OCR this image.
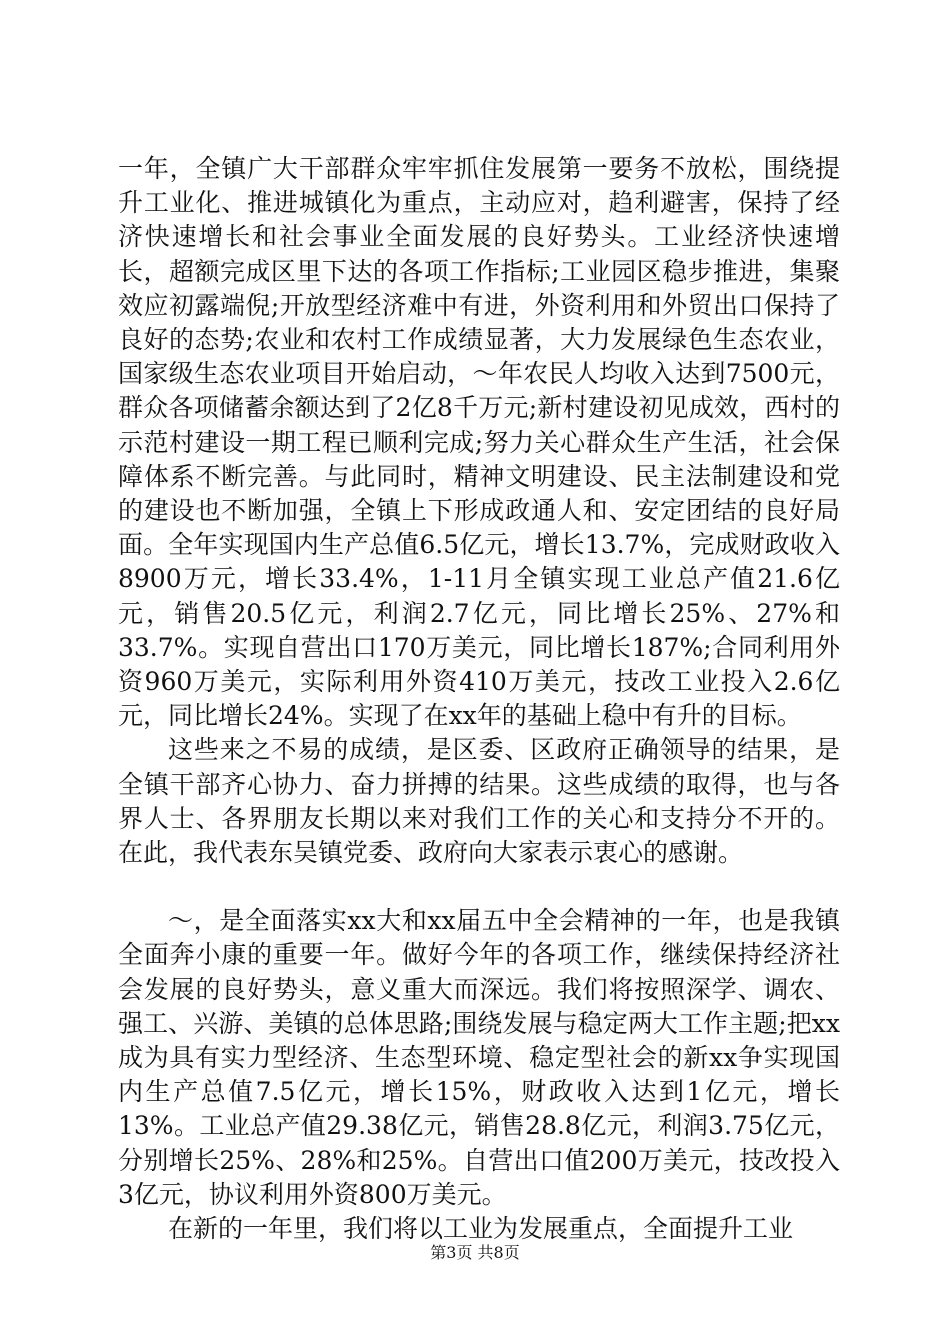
一年，全镇广大干部群众牢牢抓住发展第一要务不放松，围绕提升工业化、推进城镇化为重点，主动应对，趋利避害，保持了经济快速增长和社会事业全面发展的良好势头。工业经济快速增长，超额完成区里下达的各项工作指标;工业园区稳步推进，集聚效应初露端倪;开放型经济难中有进，外资利用和外贸出口保持了良好的态势;农业和农村工作成绩显著，大力发展绿色生态农业，国家级生态农业项目开始启动，～年农民人均收入达到7500元，群众各项储蓄余额达到了2亿8千万元;新村建设初见成效，西村的示范村建设一期工程已顺利完成;努力关心群众生产生活，社会保障体系不断完善。与此同时，精神文明建设、民主法制建设和党的建设也不断加强，全镇上下形成政通人和、安定团结的良好局面。全年实现国内生产总值6.5亿元，增长13.7%，完成财政收入8900万元，增长33.4%，1-11月全镇实现工业总产值21.6亿元，销售20.5亿元，利润2.7亿元，同比增长25%、27%和33.7%。实现自营出口170万美元，同比增长187%;合同利用外资960万美元，实际利用外资410万美元，技改工业投入2.6亿元，同比增长24%。实现了在xx年的基础上稳中有升的目标。

这些来之不易的成绩，是区委、区政府正确领导的结果，是全镇干部齐心协力、奋力拼搏的结果。这些成绩的取得，也与各界人士、各界朋友长期以来对我们工作的关心和支持分不开的。在此，我代表东吴镇党委、政府向大家表示衷心的感谢。

～，是全面落实xx大和xx届五中全会精神的一年，也是我镇全面奔小康的重要一年。做好今年的各项工作，继续保持经济社会发展的良好势头，意义重大而深远。我们将按照深学、调农、强工、兴游、美镇的总体思路;围绕发展与稳定两大工作主题;把xx成为具有实力型经济、生态型环境、稳定型社会的新xx争实现国内生产总值7.5亿元，增长15%，财政收入达到1亿元，增长13%。工业总产值29.38亿元，销售28.8亿元，利润3.75亿元，分别增长25%、28%和25%。自营出口值200万美元，技改投入3亿元，协议利用外资800万美元。

在新的一年里，我们将以工业为发展重点，全面提升工业

第3页 共8页
